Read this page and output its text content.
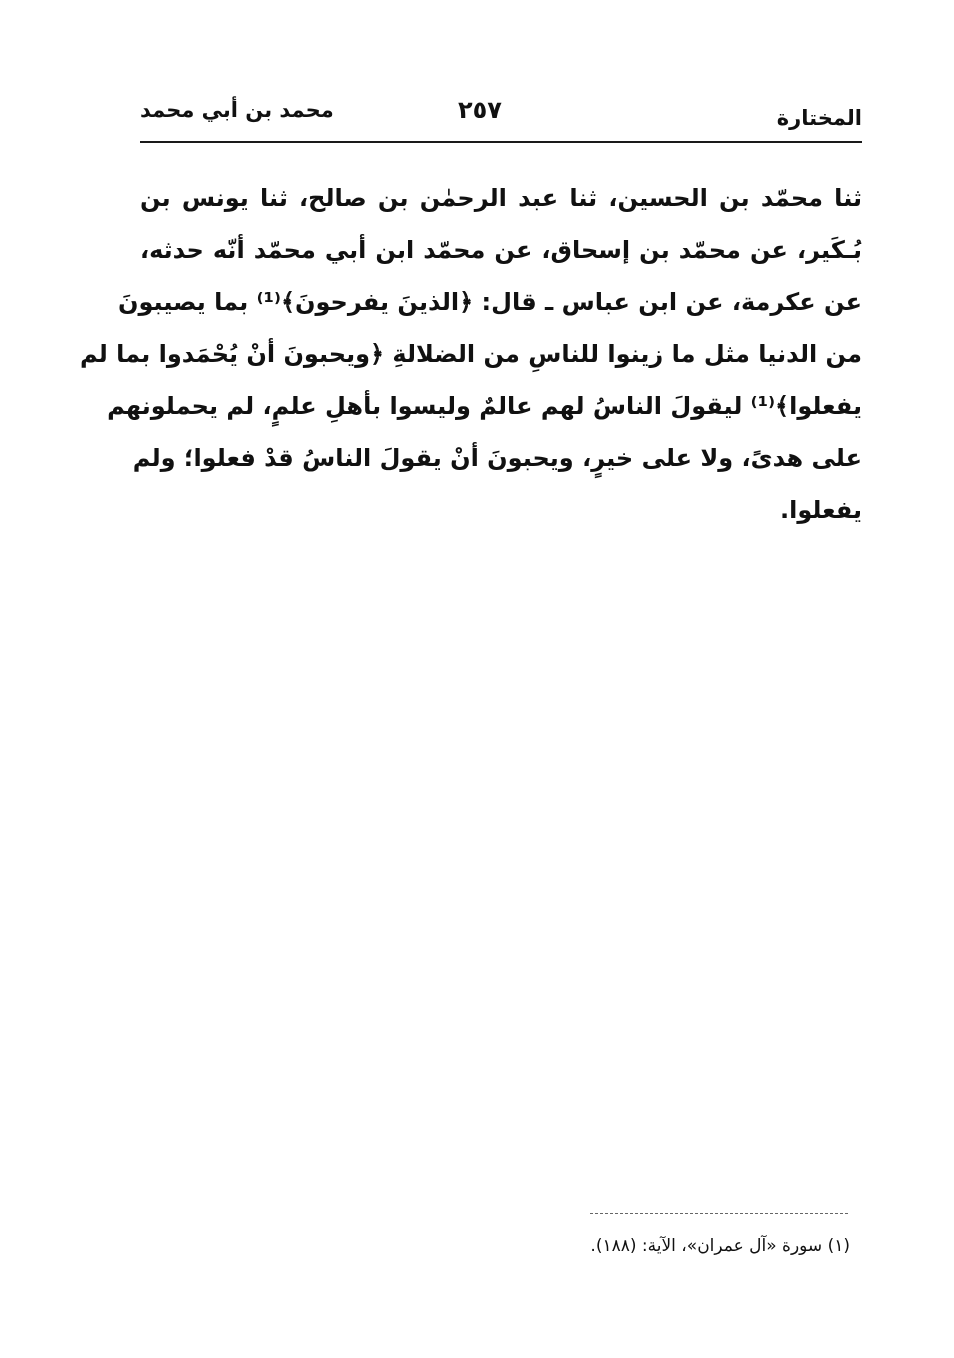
المختارة
٢٥٧
محمد بن أبي محمد
ثنا محمّد بن الحسين، ثنا عبد الرحمٰن بن صالح، ثنا يونس بن
بُـكَير، عن محمّد بن إسحاق، عن محمّد ابن أبي محمّد أنّه حدثه،
عن عكرمة، عن ابن عباس ـ قال: ﴿الذينَ يفرحونَ﴾⁽¹⁾ بما يصيبونَ
من الدنيا مثل ما زينوا للناسِ من الضلالةِ ﴿ويحبونَ أنْ يُحْمَدوا بما لم
يفعلوا﴾⁽¹⁾ ليقولَ الناسُ لهم عالمٌ وليسوا بأهلِ علمٍ، لم يحملونهم
على هدىً، ولا على خيرٍ، ويحبونَ أنْ يقولَ الناسُ قدْ فعلوا؛ ولم
يفعلوا.
(١) سورة «آل عمران»، الآية: (١٨٨).
